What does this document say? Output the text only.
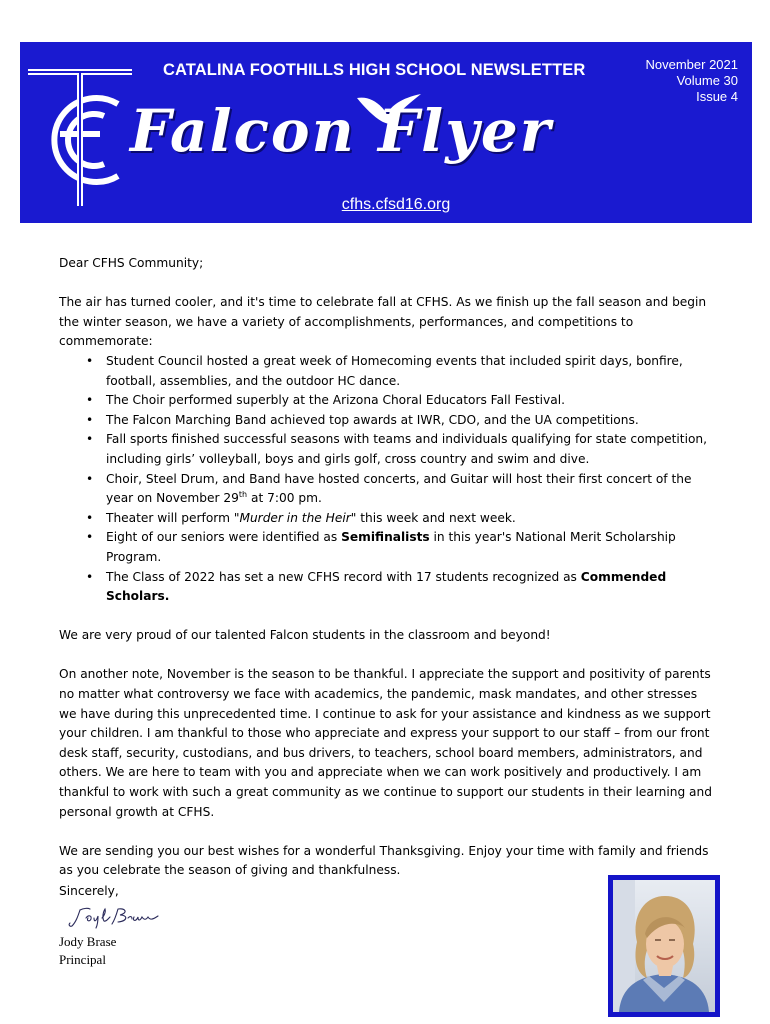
CATALINA FOOTHILLS HIGH SCHOOL NEWSLETTER	November 2021
Volume 30
Issue 4
Falcon Flyer
cfhs.cfsd16.org

Dear CFHS Community;

The air has turned cooler, and it's time to celebrate fall at CFHS. As we finish up the fall season and begin the winter season, we have a variety of accomplishments, performances, and competitions to commemorate:

• Student Council hosted a great week of Homecoming events that included spirit days, bonfire, football, assemblies, and the outdoor HC dance.
• The Choir performed superbly at the Arizona Choral Educators Fall Festival.
• The Falcon Marching Band achieved top awards at IWR, CDO, and the UA competitions.
• Fall sports finished successful seasons with teams and individuals qualifying for state competition, including girls’ volleyball, boys and girls golf, cross country and swim and dive.
• Choir, Steel Drum, and Band have hosted concerts, and Guitar will host their first concert of the year on November 29th at 7:00 pm.
• Theater will perform "Murder in the Heir" this week and next week.
• Eight of our seniors were identified as Semifinalists in this year's National Merit Scholarship Program.
• The Class of 2022 has set a new CFHS record with 17 students recognized as Commended Scholars.

We are very proud of our talented Falcon students in the classroom and beyond!

On another note, November is the season to be thankful. I appreciate the support and positivity of parents no matter what controversy we face with academics, the pandemic, mask mandates, and other stresses we have during this unprecedented time. I continue to ask for your assistance and kindness as we support your children. I am thankful to those who appreciate and express your support to our staff – from our front desk staff, security, custodians, and bus drivers, to teachers, school board members, administrators, and others. We are here to team with you and appreciate when we can work positively and productively. I am thankful to work with such a great community as we continue to support our students in their learning and personal growth at CFHS.

We are sending you our best wishes for a wonderful Thanksgiving. Enjoy your time with family and friends as you celebrate the season of giving and thankfulness.

Sincerely,
Jody Brase
Principal
